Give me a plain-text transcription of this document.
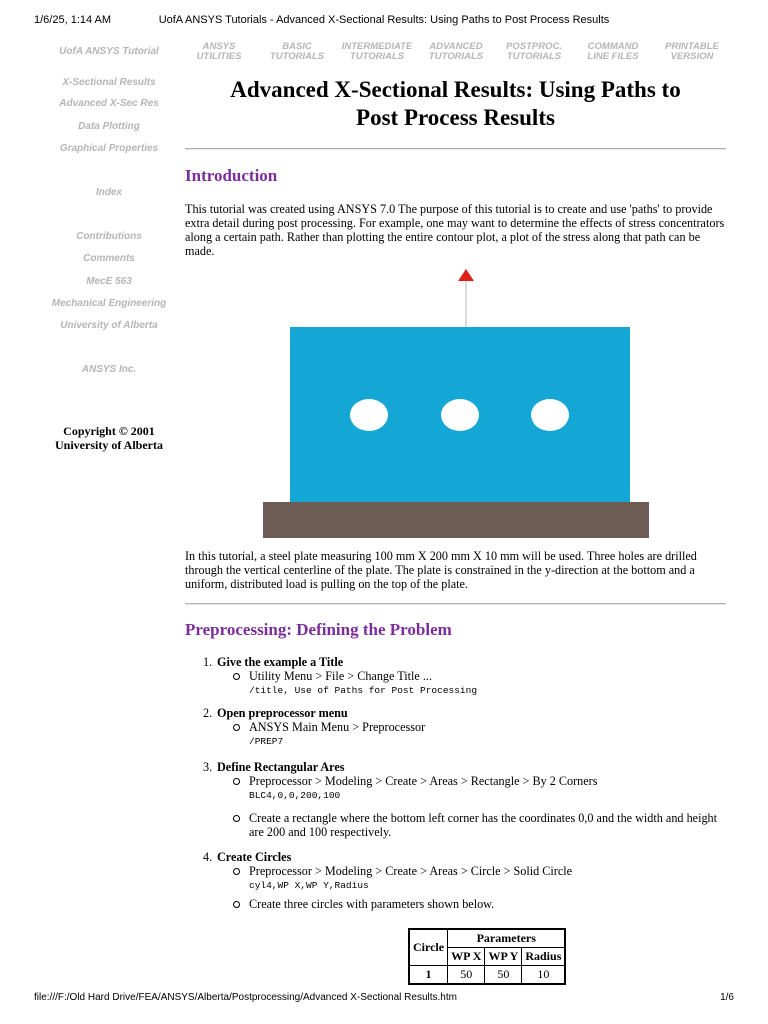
1/6/25, 1:14 AM	UofA ANSYS Tutorials - Advanced X-Sectional Results: Using Paths to Post Process Results
file:///F:/Old Hard Drive/FEA/ANSYS/Alberta/Postprocessing/Advanced X-Sectional Results.htm	1/6
UofA ANSYS Tutorial
X-Sectional Results
Advanced X-Sec Res
Data Plotting
Graphical Properties
Index
Contributions
Comments
MecE 563
Mechanical Engineering
University of Alberta
ANSYS Inc.
Copyright © 2001
University of Alberta
ANSYS
UTILITIES
BASIC
TUTORIALS
INTERMEDIATE
TUTORIALS
ADVANCED
TUTORIALS
POSTPROC.
TUTORIALS
COMMAND
LINE FILES
PRINTABLE
VERSION
Advanced X-Sectional Results: Using Paths to
Post Process Results
Introduction

This tutorial was created using ANSYS 7.0 The purpose of this tutorial is to create and use 'paths' to provide extra detail during post processing. For example, one may want to determine the effects of stress concentrators along a certain path. Rather than plotting the entire contour plot, a plot of the stress along that path can be made.

In this tutorial, a steel plate measuring 100 mm X 200 mm X 10 mm will be used. Three holes are drilled through the vertical centerline of the plate. The plate is constrained in the y-direction at the bottom and a uniform, distributed load is pulling on the top of the plate.

Preprocessing: Defining the Problem
1. Give the example a Title
Utility Menu > File > Change Title ...
/title, Use of Paths for Post Processing
2. Open preprocessor menu
ANSYS Main Menu > Preprocessor
/PREP7
3. Define Rectangular Ares
Preprocessor > Modeling > Create > Areas > Rectangle > By 2 Corners
BLC4,0,0,200,100
Create a rectangle where the bottom left corner has the coordinates 0,0 and the width and height are 200 and 100 respectively.
4. Create Circles
Preprocessor > Modeling > Create > Areas > Circle > Solid Circle
cyl4,WP X,WP Y,Radius
Create three circles with parameters shown below.
Circle	Parameters		
	WP X	WP Y	Radius
1	50	50	10
